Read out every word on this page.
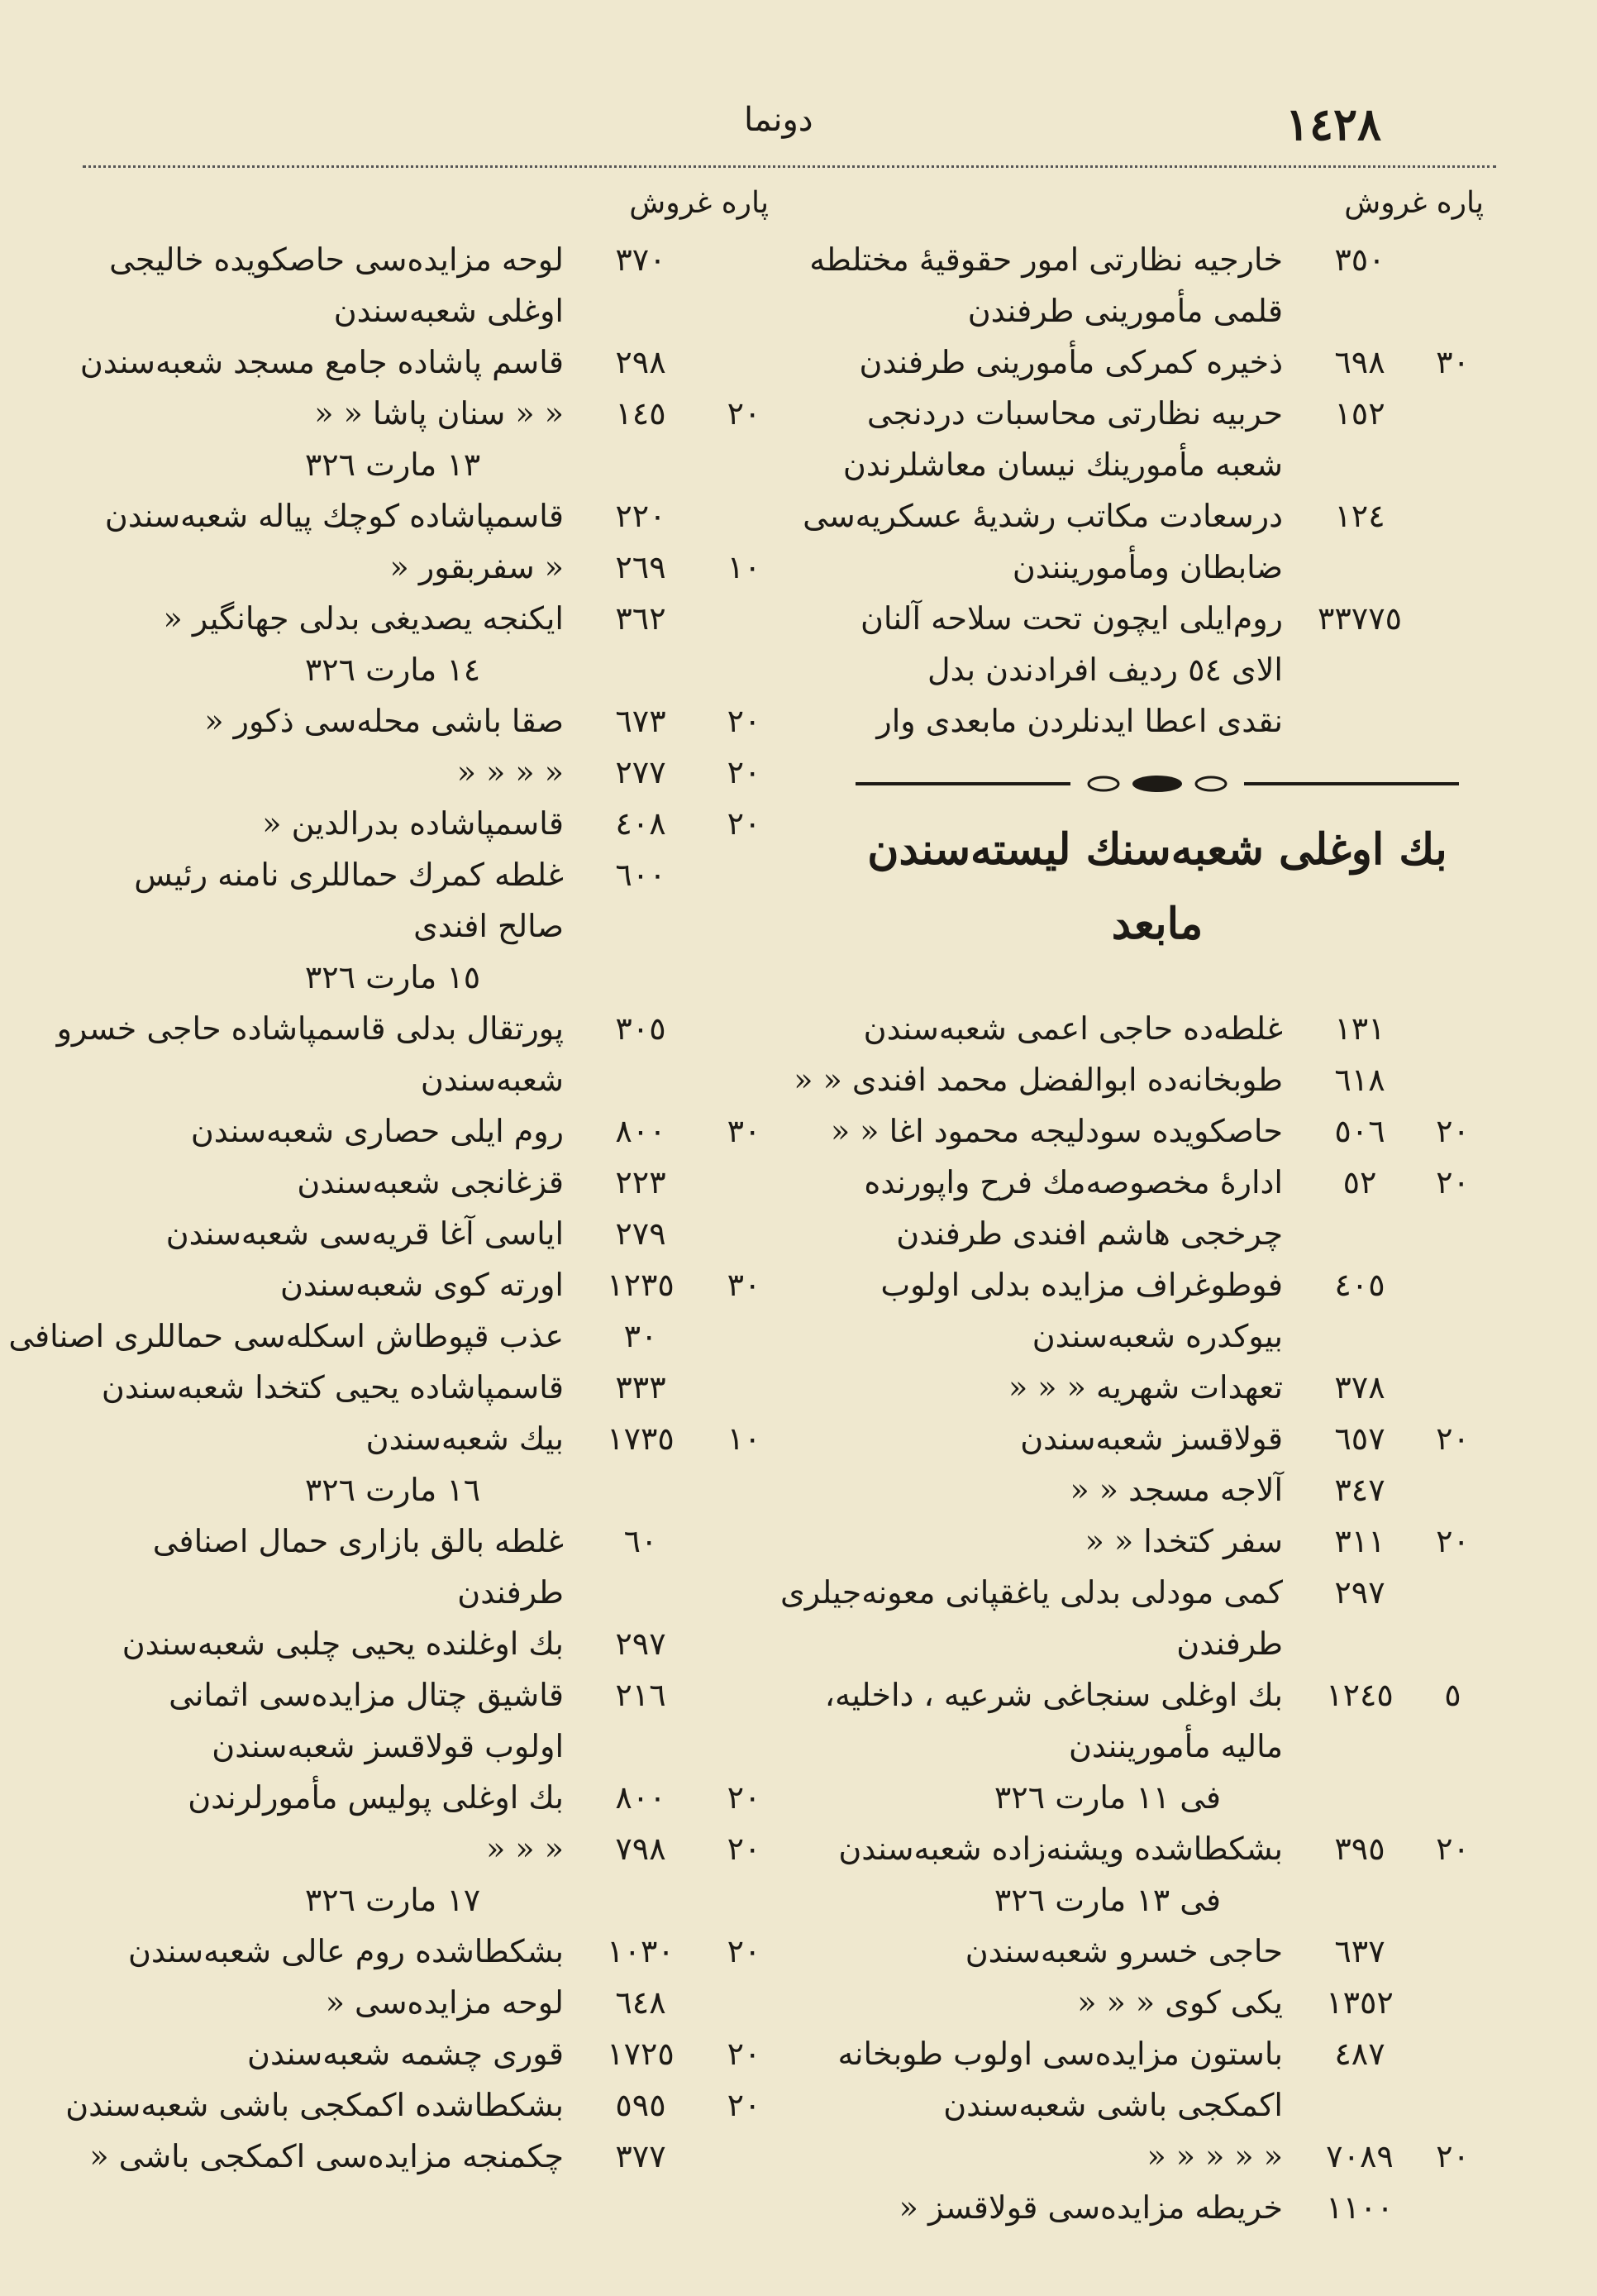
١٤٢٨
دونما
پاره غروش
٣٥٠
خارجیه نظارتی امور حقوقیهٔ مختلطه
قلمی مأمورینی طرفندن
٣٠
٦٩٨
ذخیره کمرکی مأمورینی طرفندن
١٥٢
حربیه نظارتی محاسبات دردنجی
شعبه مأمورینك نیسان معاشلرندن
١٢٤
درسعادت مکاتب رشدیهٔ عسکریه‌سی
ضابطان ومأمورینندن
٣٣٧٧٥
روم‌ایلی ایچون تحت سلاحه آلنان
الای ٥٤ ردیف افرادندن بدل
نقدی اعطا ایدنلردن مابعدی وار
بك اوغلی شعبه‌سنك لیسته‌سندن مابعد
١٣١
غلطه‌ده حاجی اعمی شعبه‌سندن
٦١٨
طوبخانه‌ده ابوالفضل محمد افندی « «
٢٠
٥٠٦
حاصکویده سودلیجه محمود اغا « «
٢٠
٥٢
ادارهٔ مخصوصه‌مك فرح واپورنده
چرخجی هاشم افندی طرفندن
٤٠٥
فوطوغراف مزایده بدلی اولوب
بیوکدره شعبه‌سندن
٣٧٨
تعهدات شهریه « « «
٢٠
٦٥٧
قولاقسز شعبه‌سندن
٣٤٧
آلاجه مسجد « «
٢٠
٣١١
سفر کتخدا « «
٢٩٧
کمی مودلی بدلی یاغقپانی معونه‌جیلری
طرفندن
٥
١٢٤٥
بك اوغلی سنجاغی شرعیه ، داخلیه،
مالیه مأمورینندن
فی ١١ مارت ٣٢٦
٢٠
٣٩٥
بشکطاشده ویشنه‌زاده شعبه‌سندن
فی ١٣ مارت ٣٢٦
٦٣٧
حاجی خسرو شعبه‌سندن
١٣٥٢
یکی کوی « « «
٤٨٧
باستون مزایده‌سی اولوب طوبخانه
اکمکجی باشی شعبه‌سندن
٢٠
٧٠٨٩
« « « « «
١١٠٠
خریطه مزایده‌سی قولاقسز «
پاره غروش
٣٧٠
لوحه مزایده‌سی حاصکویده خالیجی
اوغلی شعبه‌سندن
٢٩٨
قاسم پاشاده جامع مسجد شعبه‌سندن
٢٠
١٤٥
« « سنان پاشا « «
١٣ مارت ٣٢٦
٢٢٠
قاسمپاشاده کوچك پیاله شعبه‌سندن
١٠
٢٦٩
« سفربقور «
٣٦٢
ایکنجه یصدیغی بدلی جهانگیر «
١٤ مارت ٣٢٦
٢٠
٦٧٣
صقا باشی محله‌سی ذکور «
٢٠
٢٧٧
« « « «
٢٠
٤٠٨
قاسمپاشاده بدرالدین «
٦٠٠
غلطه کمرك حماللری نامنه رئیس
صالح افندی
١٥ مارت ٣٢٦
٣٠٥
پورتقال بدلی قاسمپاشاده حاجی خسرو
شعبه‌سندن
٣٠
٨٠٠
روم ایلی حصاری شعبه‌سندن
٢٢٣
قزغانجی شعبه‌سندن
٢٧٩
ایاسی آغا قریه‌سی شعبه‌سندن
٣٠
١٢٣٥
اورته کوی شعبه‌سندن
٣٠
عذب قپوطاش اسکله‌سی حماللری اصنافی
٣٣٣
قاسمپاشاده یحیی کتخدا شعبه‌سندن
١٠
١٧٣٥
بیك شعبه‌سندن
١٦ مارت ٣٢٦
٦٠
غلطه بالق بازاری حمال اصنافی
طرفندن
٢٩٧
بك اوغلنده یحیی چلبی شعبه‌سندن
٢١٦
قاشیق چتال مزایده‌سی اثمانی
اولوب قولاقسز شعبه‌سندن
٢٠
٨٠٠
بك اوغلی پولیس مأمورلرندن
٢٠
٧٩٨
« « «
١٧ مارت ٣٢٦
٢٠
١٠٣٠
بشکطاشده روم عالی شعبه‌سندن
٦٤٨
لوحه مزایده‌سی «
٢٠
١٧٢٥
قوری چشمه شعبه‌سندن
٢٠
٥٩٥
بشکطاشده اکمکجی باشی شعبه‌سندن
٣٧٧
چکمنجه مزایده‌سی اکمکجی باشی «
